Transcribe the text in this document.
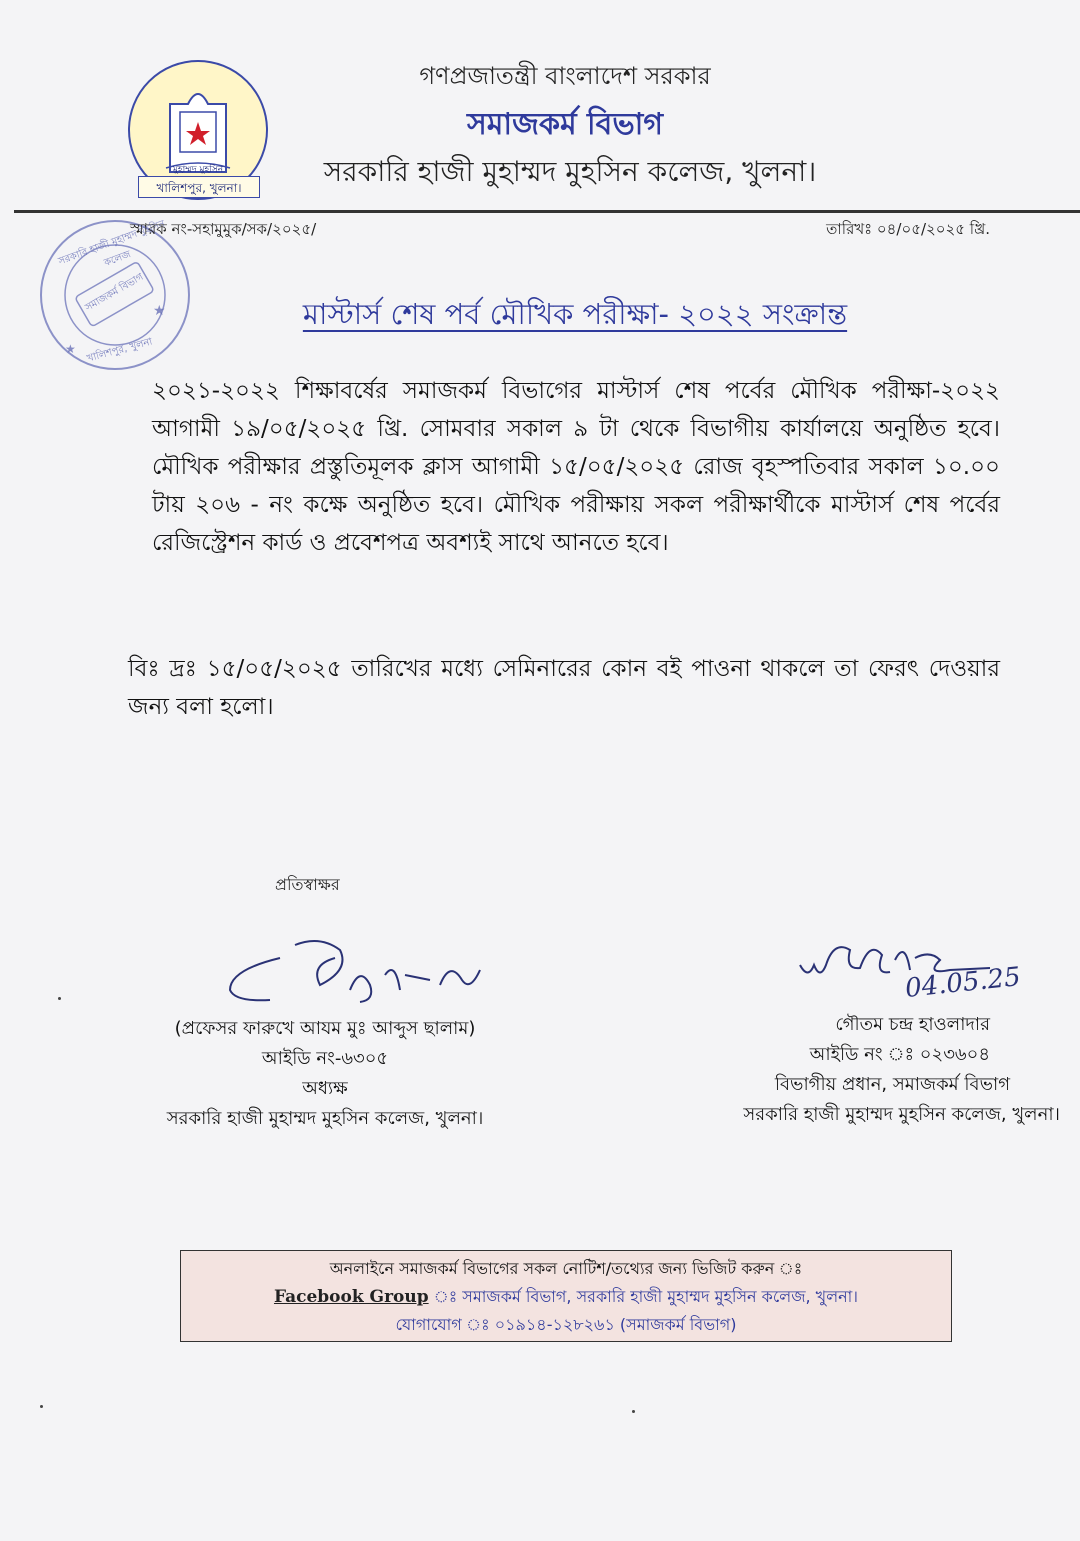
মুহাম্মদ মুহসিন
খালিশপুর, খুলনা।
গণপ্রজাতন্ত্রী বাংলাদেশ সরকার
সমাজকর্ম বিভাগ
সরকারি হাজী মুহাম্মদ মুহসিন কলেজ, খুলনা।
★
★
সরকারি হাজী মুহাম্মদ মুহসিন কলেজ
সমাজকর্ম বিভাগ
খালিশপুর, খুলনা
স্মারক নং-সহামুমুক/সক/২০২৫/	তারিখঃ ০৪/০৫/২০২৫ খ্রি.
মাস্টার্স শেষ পর্ব মৌখিক পরীক্ষা- ২০২২ সংক্রান্ত
২০২১-২০২২ শিক্ষাবর্ষের সমাজকর্ম বিভাগের মাস্টার্স শেষ পর্বের মৌখিক পরীক্ষা-২০২২ আগামী ১৯/০৫/২০২৫ খ্রি. সোমবার সকাল ৯ টা থেকে বিভাগীয় কার্যালয়ে অনুষ্ঠিত হবে। মৌখিক পরীক্ষার প্রস্তুতিমূলক ক্লাস আগামী ১৫/০৫/২০২৫ রোজ বৃহস্পতিবার সকাল ১০.০০ টায় ২০৬ - নং কক্ষে অনুষ্ঠিত হবে। মৌখিক পরীক্ষায় সকল পরীক্ষার্থীকে মাস্টার্স শেষ পর্বের রেজিস্ট্রেশন কার্ড ও প্রবেশপত্র অবশ্যই সাথে আনতে হবে।
বিঃ দ্রঃ ১৫/০৫/২০২৫ তারিখের মধ্যে সেমিনারের কোন বই পাওনা থাকলে তা ফেরৎ দেওয়ার জন্য বলা হলো।
প্রতিস্বাক্ষর
04.05.25
(প্রফেসর ফারুখে আযম মুঃ আব্দুস ছালাম)
আইডি নং-৬৩০৫
অধ্যক্ষ
সরকারি হাজী মুহাম্মদ মুহসিন কলেজ, খুলনা।
গৌতম চন্দ্র হাওলাদার
আইডি নং ঃ ০২৩৬০৪
বিভাগীয় প্রধান, সমাজকর্ম বিভাগ
সরকারি হাজী মুহাম্মদ মুহসিন কলেজ, খুলনা।
অনলাইনে সমাজকর্ম বিভাগের সকল নোটিশ/তথ্যের জন্য ভিজিট করুন ঃ
Facebook Group ঃ সমাজকর্ম বিভাগ, সরকারি হাজী মুহাম্মদ মুহসিন কলেজ, খুলনা।
যোগাযোগ ঃ ০১৯১৪-১২৮২৬১ (সমাজকর্ম বিভাগ)
